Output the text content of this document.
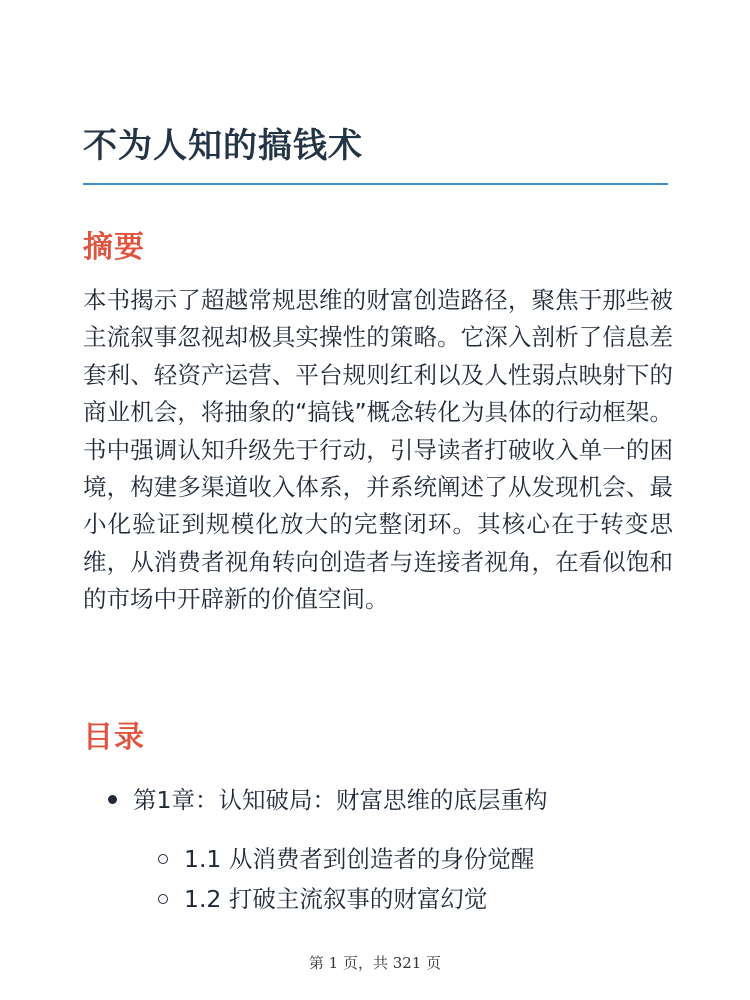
不为人知的搞钱术
摘要

本书揭示了超越常规思维的财富创造路径，聚焦于那些被主流叙事忽视却极具实操性的策略。它深入剖析了信息差套利、轻资产运营、平台规则红利以及人性弱点映射下的商业机会，将抽象的“搞钱”概念转化为具体的行动框架。书中强调认知升级先于行动，引导读者打破收入单一的困境，构建多渠道收入体系，并系统阐述了从发现机会、最小化验证到规模化放大的完整闭环。其核心在于转变思维，从消费者视角转向创造者与连接者视角，在看似饱和的市场中开辟新的价值空间。

目录
第1章：认知破局：财富思维的底层重构
1.1 从消费者到创造者的身份觉醒
1.2 打破主流叙事的财富幻觉
第 1 页，共 321 页
